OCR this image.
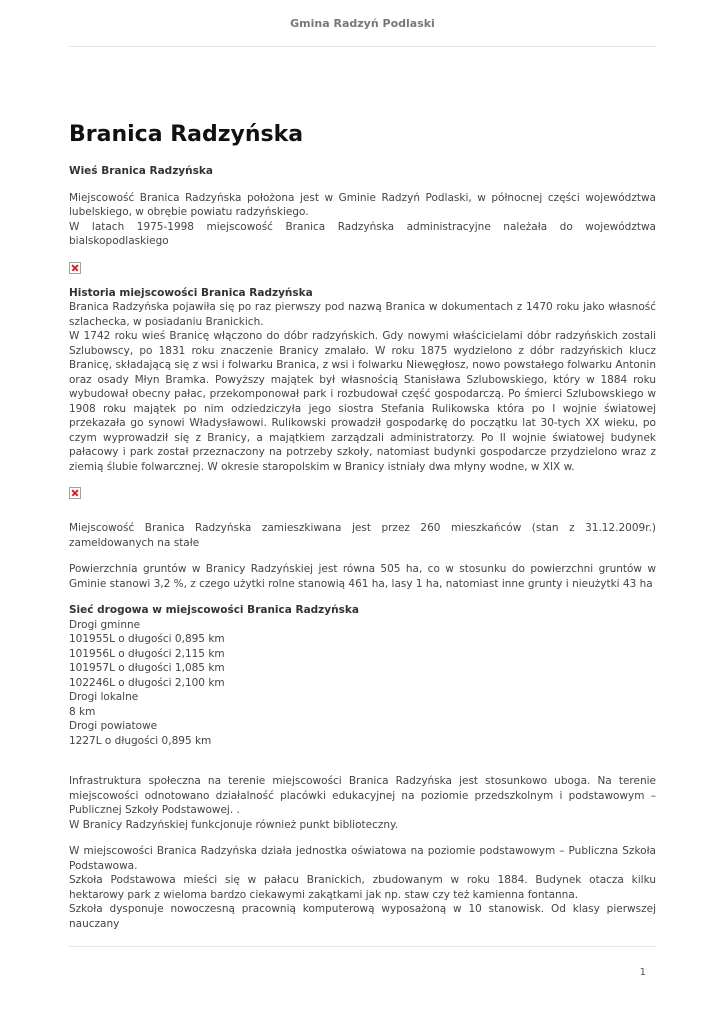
Gmina Radzyń Podlaski
Branica Radzyńska
Wieś Branica Radzyńska

Miejscowość Branica Radzyńska położona jest w Gminie Radzyń Podlaski, w północnej części województwa lubelskiego, w obrębie powiatu radzyńskiego.

W latach 1975-1998 miejscowość Branica Radzyńska administracyjne należała do województwa bialskopodlaskiego

Historia miejscowości Branica Radzyńska

Branica Radzyńska pojawiła się po raz pierwszy pod nazwą Branica w dokumentach z 1470 roku jako własność szlachecka, w posiadaniu Branickich.

W 1742 roku wieś Branicę włączono do dóbr radzyńskich. Gdy nowymi właścicielami dóbr radzyńskich zostali Szlubowscy, po 1831 roku znaczenie Branicy zmalało. W roku 1875 wydzielono z dóbr radzyńskich klucz Branicę, składającą się z wsi i folwarku Branica, z wsi i folwarku Niewęgłosz, nowo powstałego folwarku Antonin oraz osady Młyn Bramka. Powyższy majątek był własnością Stanisława Szlubowskiego, który w 1884 roku wybudował obecny pałac, przekomponował park i rozbudował część gospodarczą. Po śmierci Szlubowskiego w 1908 roku majątek po nim odziedziczyła jego siostra Stefania Rulikowska która po I wojnie światowej przekazała go synowi Władysławowi. Rulikowski prowadził gospodarkę do początku lat 30-tych XX wieku, po czym wyprowadził się z Branicy, a majątkiem zarządzali administratorzy. Po II wojnie światowej budynek pałacowy i park został przeznaczony na potrzeby szkoły, natomiast budynki gospodarcze przydzielono wraz z ziemią ślubie folwarcznej. W okresie staropolskim w Branicy istniały dwa młyny wodne, w XIX w.

Miejscowość Branica Radzyńska zamieszkiwana jest przez 260 mieszkańców (stan z 31.12.2009r.) zameldowanych na stałe

Powierzchnia gruntów w Branicy Radzyńskiej jest równa 505 ha, co w stosunku do powierzchni gruntów w Gminie stanowi 3,2 %, z czego użytki rolne stanowią 461 ha, lasy 1 ha, natomiast inne grunty i nieużytki 43 ha

Sieć drogowa w miejscowości Branica Radzyńska
Drogi gminne
101955L o długości 0,895 km
101956L o długości 2,115 km
101957L o długości 1,085 km
102246L o długości 2,100 km
Drogi lokalne
8 km
Drogi powiatowe
1227L o długości 0,895 km

Infrastruktura społeczna na terenie miejscowości Branica Radzyńska jest stosunkowo uboga. Na terenie miejscowości odnotowano działalność placówki edukacyjnej na poziomie przedszkolnym i podstawowym – Publicznej Szkoły Podstawowej. .

W Branicy Radzyńskiej funkcjonuje również punkt biblioteczny.

W miejscowości Branica Radzyńska działa jednostka oświatowa na poziomie podstawowym – Publiczna Szkoła Podstawowa.

Szkoła Podstawowa mieści się w pałacu Branickich, zbudowanym w roku 1884. Budynek otacza kilku hektarowy park z wieloma bardzo ciekawymi zakątkami jak np. staw czy też kamienna fontanna.

Szkoła dysponuje nowoczesną pracownią komputerową wyposażoną w 10 stanowisk. Od klasy pierwszej nauczany

1
